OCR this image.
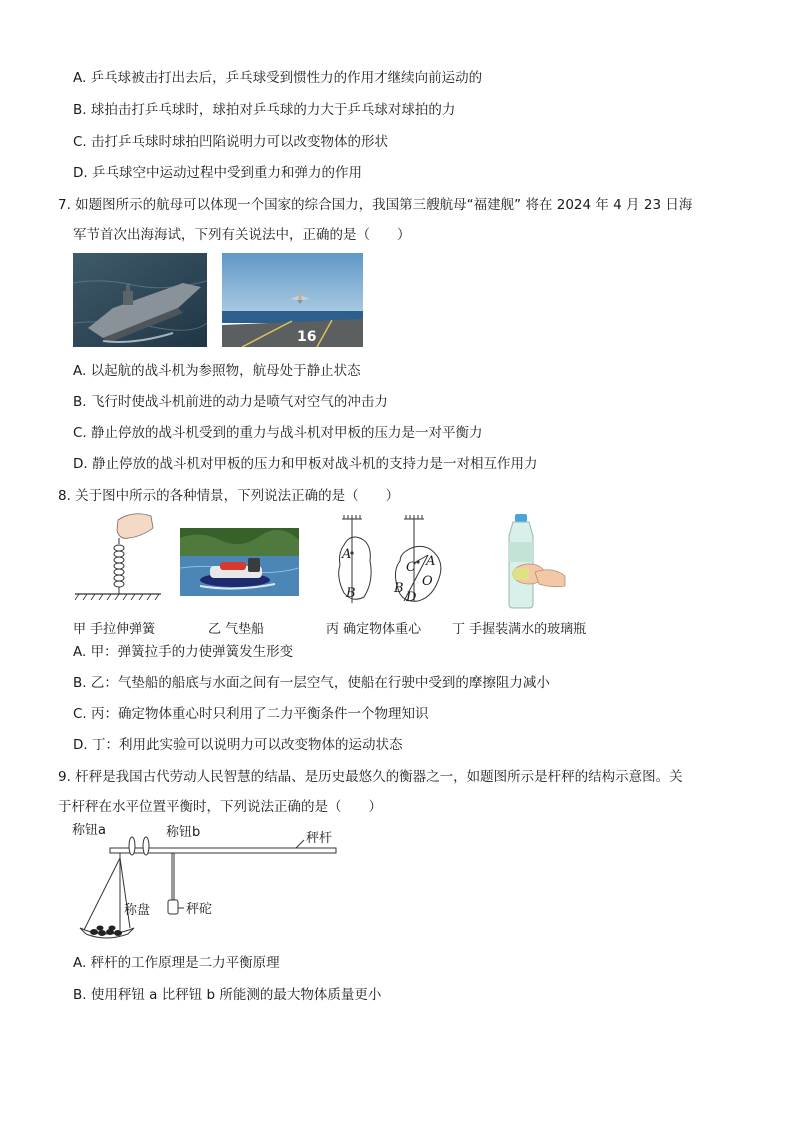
A. 乒乓球被击打出去后，乒乓球受到惯性力的作用才继续向前运动的
B. 球拍击打乒乓球时，球拍对乒乓球的力大于乒乓球对球拍的力
C. 击打乒乓球时球拍凹陷说明力可以改变物体的形状
D. 乒乓球空中运动过程中受到重力和弹力的作用
7. 如题图所示的航母可以体现一个国家的综合国力，我国第三艘航母“福建舰” 将在 2024 年 4 月 23 日海
军节首次出海海试，下列有关说法中，正确的是（　　）
16
A. 以起航的战斗机为参照物，航母处于静止状态
B. 飞行时使战斗机前进的动力是喷气对空气的冲击力
C. 静止停放的战斗机受到的重力与战斗机对甲板的压力是一对平衡力
D. 静止停放的战斗机对甲板的压力和甲板对战斗机的支持力是一对相互作用力
8. 关于图中所示的各种情景，下列说法正确的是（　　）
A
B
C A
O
B
D
甲 手拉伸弹簧	乙 气垫船	丙 确定物体重心 丁 手握装满水的玻璃瓶
A. 甲：弹簧拉手的力使弹簧发生形变
B. 乙：气垫船的船底与水面之间有一层空气，使船在行驶中受到的摩擦阻力减小
C. 丙：确定物体重心时只利用了二力平衡条件一个物理知识
D. 丁：利用此实验可以说明力可以改变物体的运动状态
9. 杆秤是我国古代劳动人民智慧的结晶、是历史最悠久的衡器之一，如题图所示是杆秤的结构示意图。关
于杆秤在水平位置平衡时，下列说法正确的是（　　）
称钮a	称钮b	秤杆
称盘	秤砣
A. 秤杆的工作原理是二力平衡原理
B. 使用秤钮 a 比秤钮 b 所能测的最大物体质量更小
